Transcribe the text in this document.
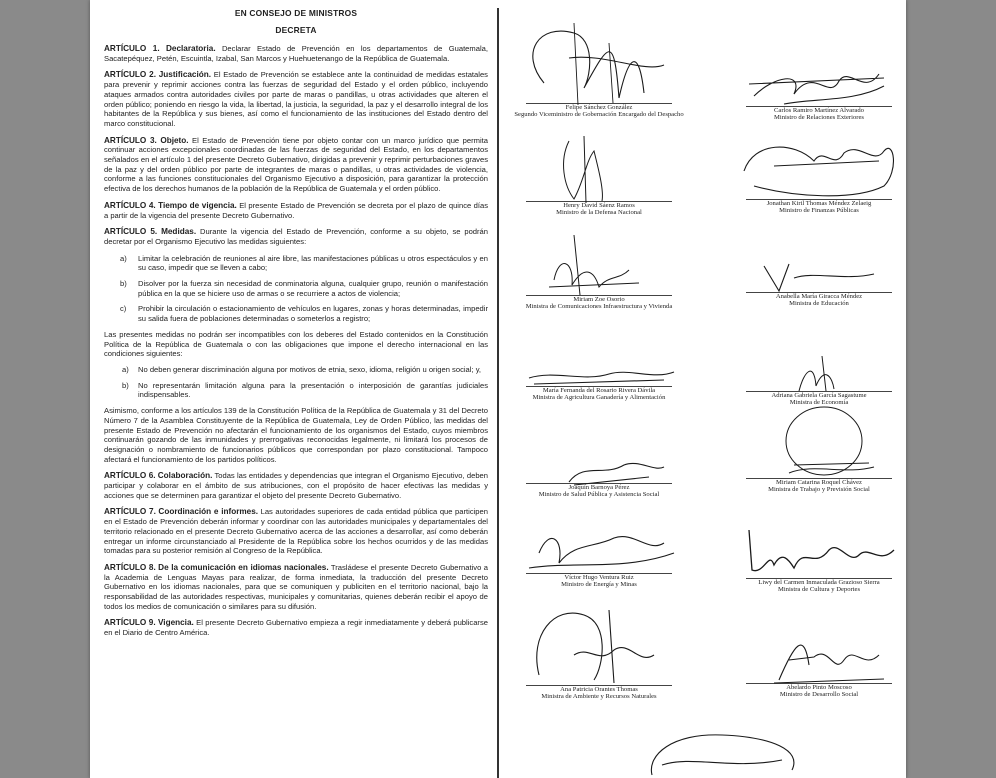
EN CONSEJO DE MINISTROS
DECRETA

ARTÍCULO 1. Declaratoria. Declarar Estado de Prevención en los departamentos de Guatemala, Sacatepéquez, Petén, Escuintla, Izabal, San Marcos y Huehuetenango de la República de Guatemala.

ARTÍCULO 2. Justificación. El Estado de Prevención se establece ante la continuidad de medidas estatales para prevenir y reprimir acciones contra las fuerzas de seguridad del Estado y el orden público, incluyendo ataques armados contra autoridades civiles por parte de maras o pandillas, u otras actividades que alteren el orden público; poniendo en riesgo la vida, la libertad, la justicia, la seguridad, la paz y el desarrollo integral de los habitantes de la República y sus bienes, así como el funcionamiento de las instituciones del Estado dentro del marco constitucional.

ARTÍCULO 3. Objeto. El Estado de Prevención tiene por objeto contar con un marco jurídico que permita continuar acciones excepcionales coordinadas de las fuerzas de seguridad del Estado, en los departamentos señalados en el artículo 1 del presente Decreto Gubernativo, dirigidas a prevenir y reprimir perturbaciones graves de la paz y del orden público por parte de integrantes de maras o pandillas, u otras actividades de violencia, conforme a las funciones constitucionales del Organismo Ejecutivo a disposición, para garantizar la protección efectiva de los derechos humanos de la población de la República de Guatemala y el orden público.

ARTÍCULO 4. Tiempo de vigencia. El presente Estado de Prevención se decreta por el plazo de quince días a partir de la vigencia del presente Decreto Gubernativo.

ARTÍCULO 5. Medidas. Durante la vigencia del Estado de Prevención, conforme a su objeto, se podrán decretar por el Organismo Ejecutivo las medidas siguientes:

a) Limitar la celebración de reuniones al aire libre, las manifestaciones públicas u otros espectáculos y en su caso, impedir que se lleven a cabo;
b) Disolver por la fuerza sin necesidad de conminatoria alguna, cualquier grupo, reunión o manifestación pública en la que se hiciere uso de armas o se recurriere a actos de violencia;
c) Prohibir la circulación o estacionamiento de vehículos en lugares, zonas y horas determinadas, impedir su salida fuera de poblaciones determinadas o someterlos a registro;

Las presentes medidas no podrán ser incompatibles con los deberes del Estado contenidos en la Constitución Política de la República de Guatemala o con las obligaciones que impone el derecho internacional en las condiciones siguientes:

a) No deben generar discriminación alguna por motivos de etnia, sexo, idioma, religión u origen social; y,
b) No representarán limitación alguna para la presentación o interposición de garantías judiciales indispensables.

Asimismo, conforme a los artículos 139 de la Constitución Política de la República de Guatemala y 31 del Decreto Número 7 de la Asamblea Constituyente de la República de Guatemala, Ley de Orden Público, las medidas del presente Estado de Prevención no afectarán el funcionamiento de los organismos del Estado, cuyos miembros continuarán gozando de las inmunidades y prerrogativas reconocidas legalmente, ni limitará los procesos de designación o nombramiento de funcionarios públicos que correspondan por plazo constitucional. Tampoco afectará el funcionamiento de los partidos políticos.

ARTÍCULO 6. Colaboración. Todas las entidades y dependencias que integran el Organismo Ejecutivo, deben participar y colaborar en el ámbito de sus atribuciones, con el propósito de hacer efectivas las medidas y acciones que se determinen para garantizar el objeto del presente Decreto Gubernativo.

ARTÍCULO 7. Coordinación e informes. Las autoridades superiores de cada entidad pública que participen en el Estado de Prevención deberán informar y coordinar con las autoridades municipales y departamentales del territorio relacionado en el presente Decreto Gubernativo acerca de las acciones a desarrollar, así como deberán entregar un informe circunstanciado al Presidente de la República sobre los hechos ocurridos y de las medidas tomadas para su posterior remisión al Congreso de la República.

ARTÍCULO 8. De la comunicación en idiomas nacionales. Trasládese el presente Decreto Gubernativo a la Academia de Lenguas Mayas para realizar, de forma inmediata, la traducción del presente Decreto Gubernativo en los idiomas nacionales, para que se comuniquen y publiciten en el territorio nacional, bajo la responsabilidad de las autoridades respectivas, municipales y comunitarias, quienes deberán recibir el apoyo de todos los medios de comunicación o similares para su difusión.

ARTÍCULO 9. Vigencia. El presente Decreto Gubernativo empieza a regir inmediatamente y deberá publicarse en el Diario de Centro América.

Felipe Sánchez González
Segundo Viceministro de Gobernación Encargado del Despacho
Carlos Ramiro Martínez Alvarado
Ministro de Relaciones Exteriores
Henry David Sáenz Ramos
Ministro de la Defensa Nacional
Jonathan Kiril Thomas Méndez Zelaeig
Ministro de Finanzas Públicas
Miriam Zoe Osorio
Ministra de Comunicaciones Infraestructura y Vivienda
Anabella María Giracca Méndez
Ministra de Educación
María Fernanda del Rosario Rivera Dávila
Ministra de Agricultura Ganadería y Alimentación	Adriana Gabriela García Sagastume
Ministra de Economía
Joaquín Barnoya Pérez
Ministro de Salud Pública y Asistencia Social
Miriam Catarina Roquel Chávez
Ministra de Trabajo y Previsión Social
Víctor Hugo Ventura Ruiz
Ministro de Energía y Minas	Liwy del Carmen Inmaculada Grazioso Sierra
Ministra de Cultura y Deportes
Ana Patricia Orantes Thomas
Ministra de Ambiente y Recursos Naturales
Abelardo Pinto Moscoso
Ministro de Desarrollo Social
